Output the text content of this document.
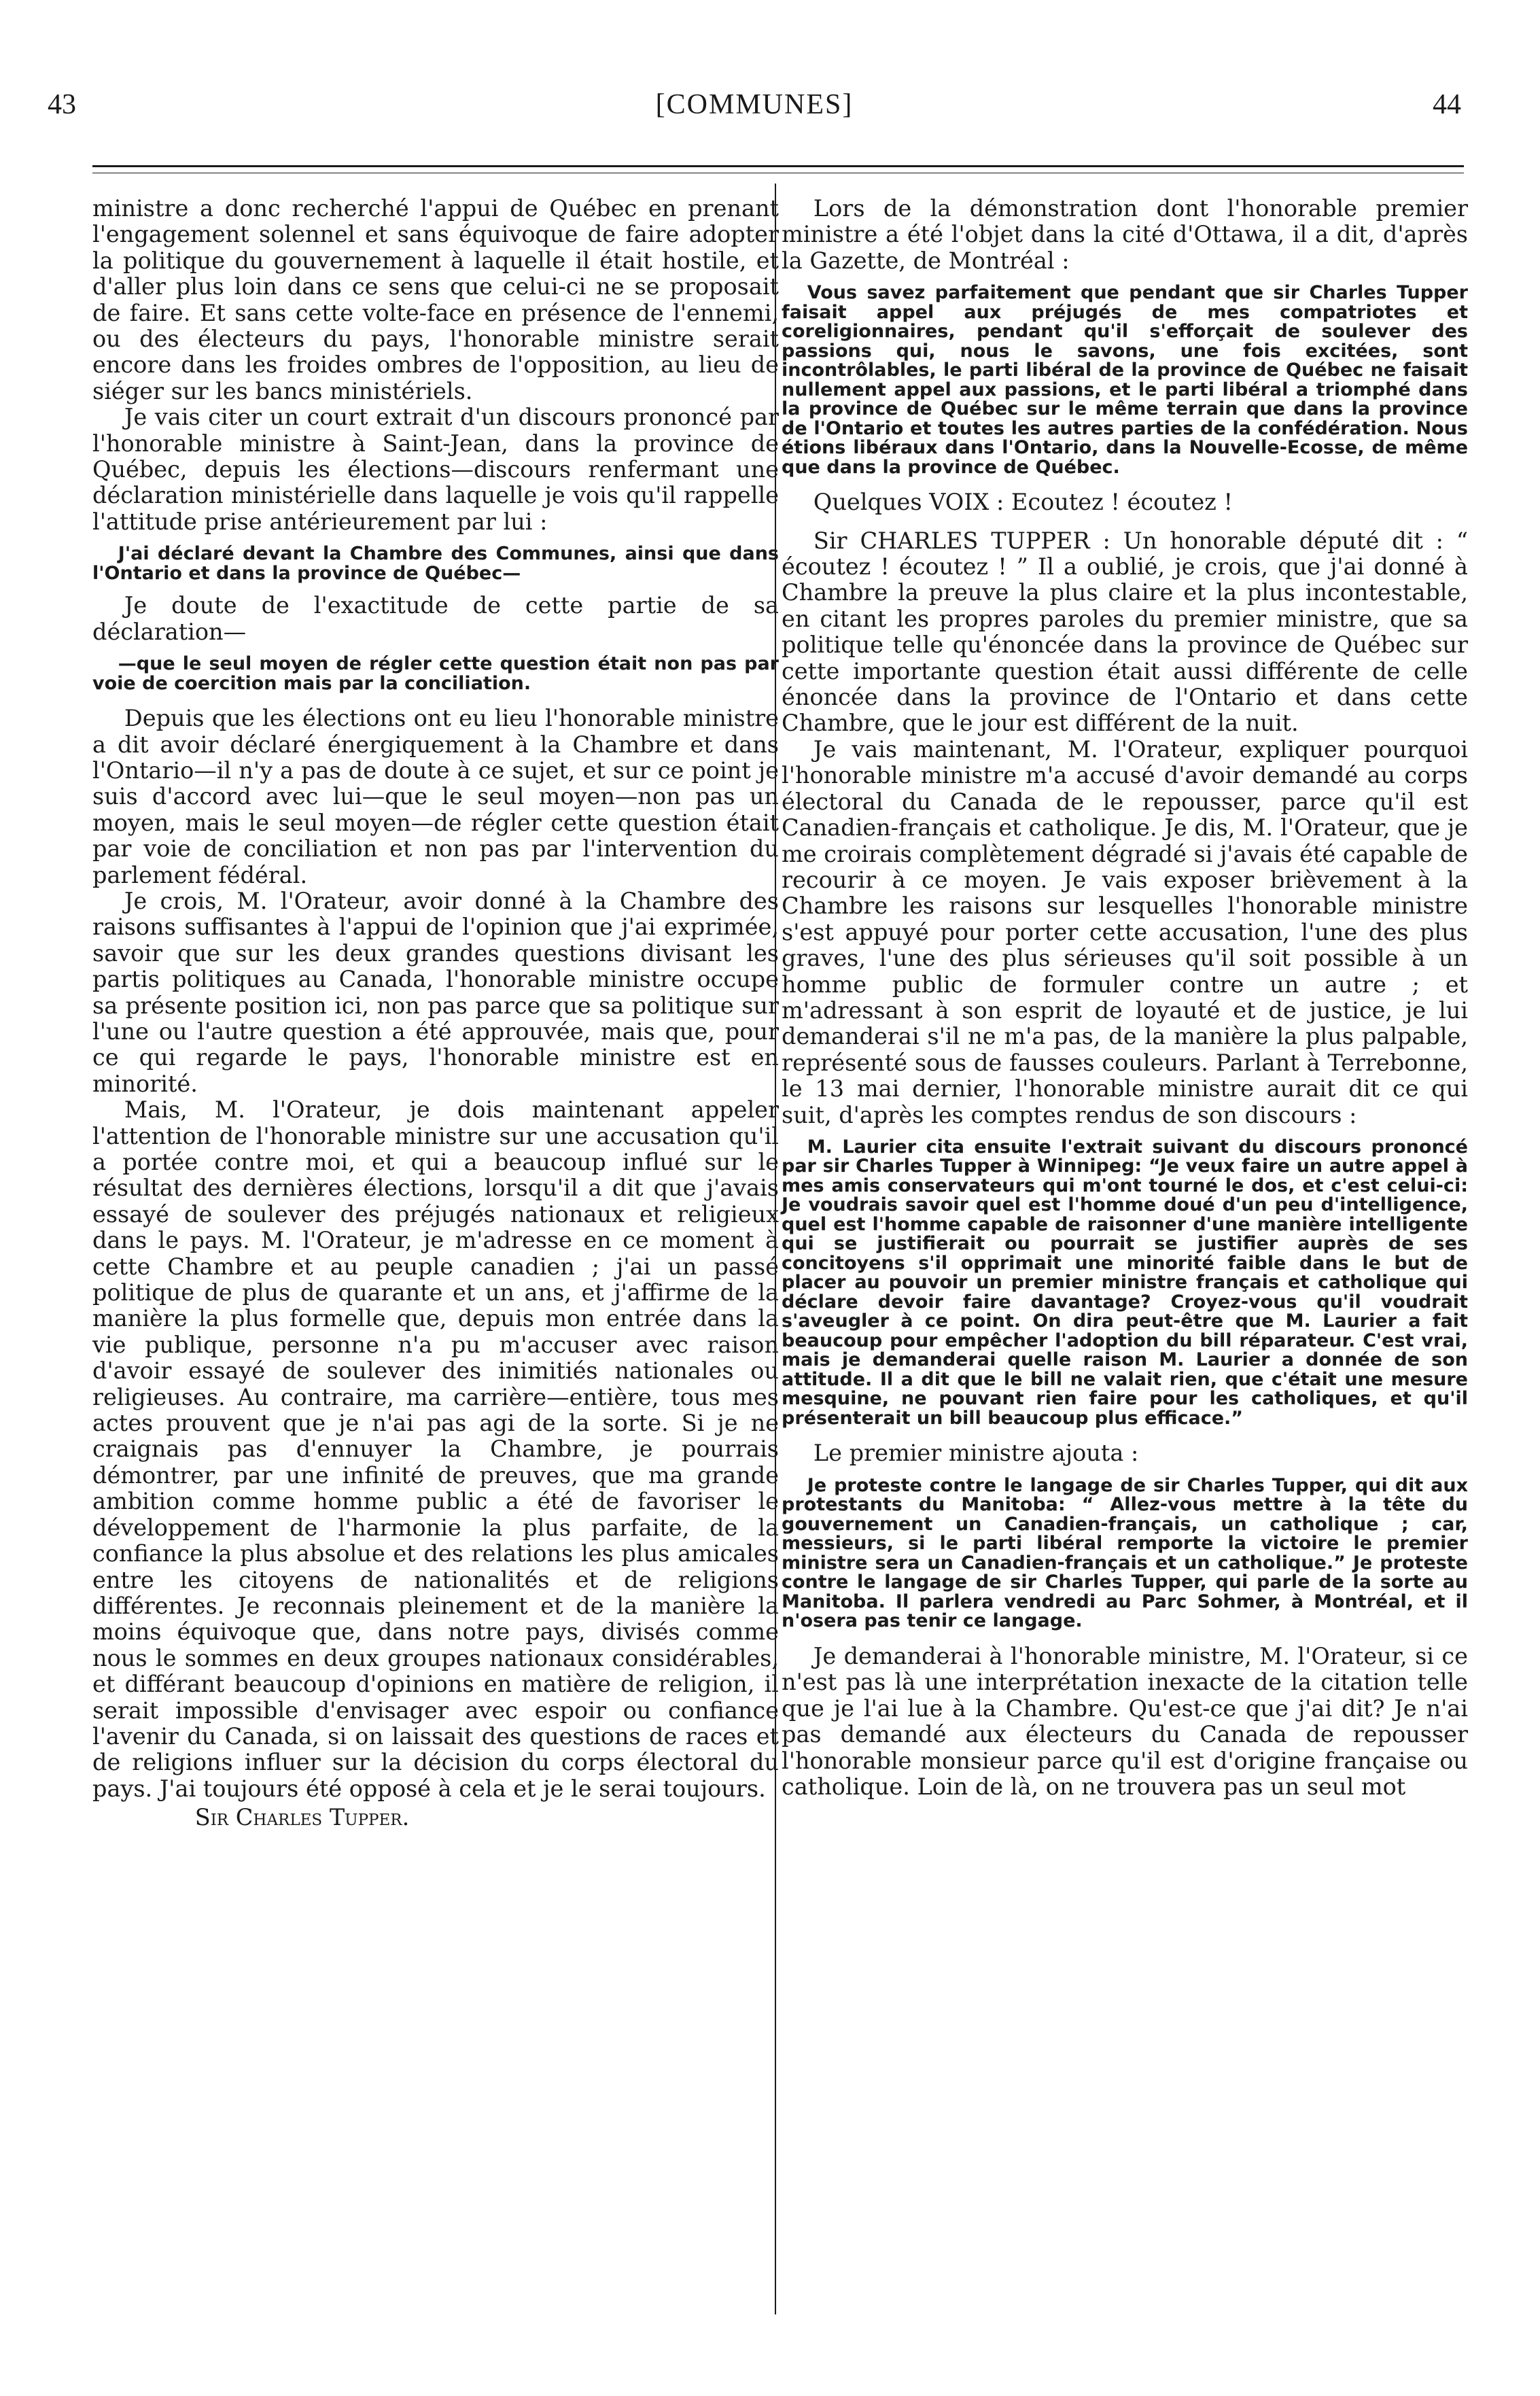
43	[COMMUNES]	44

ministre a donc recherché l'appui de Québec en prenant l'engagement solennel et sans équivoque de faire adopter la politique du gouvernement à laquelle il était hostile, et d'aller plus loin dans ce sens que celui-ci ne se proposait de faire. Et sans cette volte-face en présence de l'ennemi, ou des électeurs du pays, l'honorable ministre serait encore dans les froides ombres de l'opposition, au lieu de siéger sur les bancs ministériels.

Je vais citer un court extrait d'un discours prononcé par l'honorable ministre à Saint-Jean, dans la province de Québec, depuis les élections—discours renfermant une déclaration ministérielle dans laquelle je vois qu'il rappelle l'attitude prise antérieurement par lui :

J'ai déclaré devant la Chambre des Communes, ainsi que dans l'Ontario et dans la province de Québec—

Je doute de l'exactitude de cette partie de sa déclaration—

—que le seul moyen de régler cette question était non pas par voie de coercition mais par la conciliation.

Depuis que les élections ont eu lieu l'honorable ministre a dit avoir déclaré énergiquement à la Chambre et dans l'Ontario—il n'y a pas de doute à ce sujet, et sur ce point je suis d'accord avec lui—que le seul moyen—non pas un moyen, mais le seul moyen—de régler cette question était par voie de conciliation et non pas par l'intervention du parlement fédéral.

Je crois, M. l'Orateur, avoir donné à la Chambre des raisons suffisantes à l'appui de l'opinion que j'ai exprimée, savoir que sur les deux grandes questions divisant les partis politiques au Canada, l'honorable ministre occupe sa présente position ici, non pas parce que sa politique sur l'une ou l'autre question a été approuvée, mais que, pour ce qui regarde le pays, l'honorable ministre est en minorité.

Mais, M. l'Orateur, je dois maintenant appeler l'attention de l'honorable ministre sur une accusation qu'il a portée contre moi, et qui a beaucoup influé sur le résultat des dernières élections, lorsqu'il a dit que j'avais essayé de soulever des préjugés nationaux et religieux dans le pays. M. l'Orateur, je m'adresse en ce moment à cette Chambre et au peuple canadien ; j'ai un passé politique de plus de quarante et un ans, et j'affirme de la manière la plus formelle que, depuis mon entrée dans la vie publique, personne n'a pu m'accuser avec raison d'avoir essayé de soulever des inimitiés nationales ou religieuses. Au contraire, ma carrière—entière, tous mes actes prouvent que je n'ai pas agi de la sorte. Si je ne craignais pas d'ennuyer la Chambre, je pourrais démontrer, par une infinité de preuves, que ma grande ambition comme homme public a été de favoriser le développement de l'harmonie la plus parfaite, de la confiance la plus absolue et des relations les plus amicales entre les citoyens de nationalités et de religions différentes. Je reconnais pleinement et de la manière la moins équivoque que, dans notre pays, divisés comme nous le sommes en deux groupes nationaux considérables, et différant beaucoup d'opinions en matière de religion, il serait impossible d'envisager avec espoir ou confiance l'avenir du Canada, si on laissait des questions de races et de religions influer sur la décision du corps électoral du pays. J'ai toujours été opposé à cela et je le serai toujours.

Sir Charles Tupper.

Lors de la démonstration dont l'honorable premier ministre a été l'objet dans la cité d'Ottawa, il a dit, d'après la Gazette, de Montréal :

Vous savez parfaitement que pendant que sir Charles Tupper faisait appel aux préjugés de mes compatriotes et coreligionnaires, pendant qu'il s'efforçait de soulever des passions qui, nous le savons, une fois excitées, sont incontrôlables, le parti libéral de la province de Québec ne faisait nullement appel aux passions, et le parti libéral a triomphé dans la province de Québec sur le même terrain que dans la province de l'Ontario et toutes les autres parties de la confédération. Nous étions libéraux dans l'Ontario, dans la Nouvelle-Ecosse, de même que dans la province de Québec.

Quelques VOIX : Ecoutez ! écoutez !

Sir CHARLES TUPPER : Un honorable député dit : “ écoutez ! écoutez ! ” Il a oublié, je crois, que j'ai donné à Chambre la preuve la plus claire et la plus incontestable, en citant les propres paroles du premier ministre, que sa politique telle qu'énoncée dans la province de Québec sur cette importante question était aussi différente de celle énoncée dans la province de l'Ontario et dans cette Chambre, que le jour est différent de la nuit.

Je vais maintenant, M. l'Orateur, expliquer pourquoi l'honorable ministre m'a accusé d'avoir demandé au corps électoral du Canada de le repousser, parce qu'il est Canadien-français et catholique. Je dis, M. l'Orateur, que je me croirais complètement dégradé si j'avais été capable de recourir à ce moyen. Je vais exposer brièvement à la Chambre les raisons sur lesquelles l'honorable ministre s'est appuyé pour porter cette accusation, l'une des plus graves, l'une des plus sérieuses qu'il soit possible à un homme public de formuler contre un autre ; et m'adressant à son esprit de loyauté et de justice, je lui demanderai s'il ne m'a pas, de la manière la plus palpable, représenté sous de fausses couleurs. Parlant à Terrebonne, le 13 mai dernier, l'honorable ministre aurait dit ce qui suit, d'après les comptes rendus de son discours :

M. Laurier cita ensuite l'extrait suivant du discours prononcé par sir Charles Tupper à Winnipeg: “Je veux faire un autre appel à mes amis conservateurs qui m'ont tourné le dos, et c'est celui-ci: Je voudrais savoir quel est l'homme doué d'un peu d'intelligence, quel est l'homme capable de raisonner d'une manière intelligente qui se justifierait ou pourrait se justifier auprès de ses concitoyens s'il opprimait une minorité faible dans le but de placer au pouvoir un premier ministre français et catholique qui déclare devoir faire davantage? Croyez-vous qu'il voudrait s'aveugler à ce point. On dira peut-être que M. Laurier a fait beaucoup pour empêcher l'adoption du bill réparateur. C'est vrai, mais je demanderai quelle raison M. Laurier a donnée de son attitude. Il a dit que le bill ne valait rien, que c'était une mesure mesquine, ne pouvant rien faire pour les catholiques, et qu'il présenterait un bill beaucoup plus efficace.”

Le premier ministre ajouta :

Je proteste contre le langage de sir Charles Tupper, qui dit aux protestants du Manitoba: “ Allez-vous mettre à la tête du gouvernement un Canadien-français, un catholique ; car, messieurs, si le parti libéral remporte la victoire le premier ministre sera un Canadien-français et un catholique.” Je proteste contre le langage de sir Charles Tupper, qui parle de la sorte au Manitoba. Il parlera vendredi au Parc Sohmer, à Montréal, et il n'osera pas tenir ce langage.

Je demanderai à l'honorable ministre, M. l'Orateur, si ce n'est pas là une interprétation inexacte de la citation telle que je l'ai lue à la Chambre. Qu'est-ce que j'ai dit? Je n'ai pas demandé aux électeurs du Canada de repousser l'honorable monsieur parce qu'il est d'origine française ou catholique. Loin de là, on ne trouvera pas un seul mot
